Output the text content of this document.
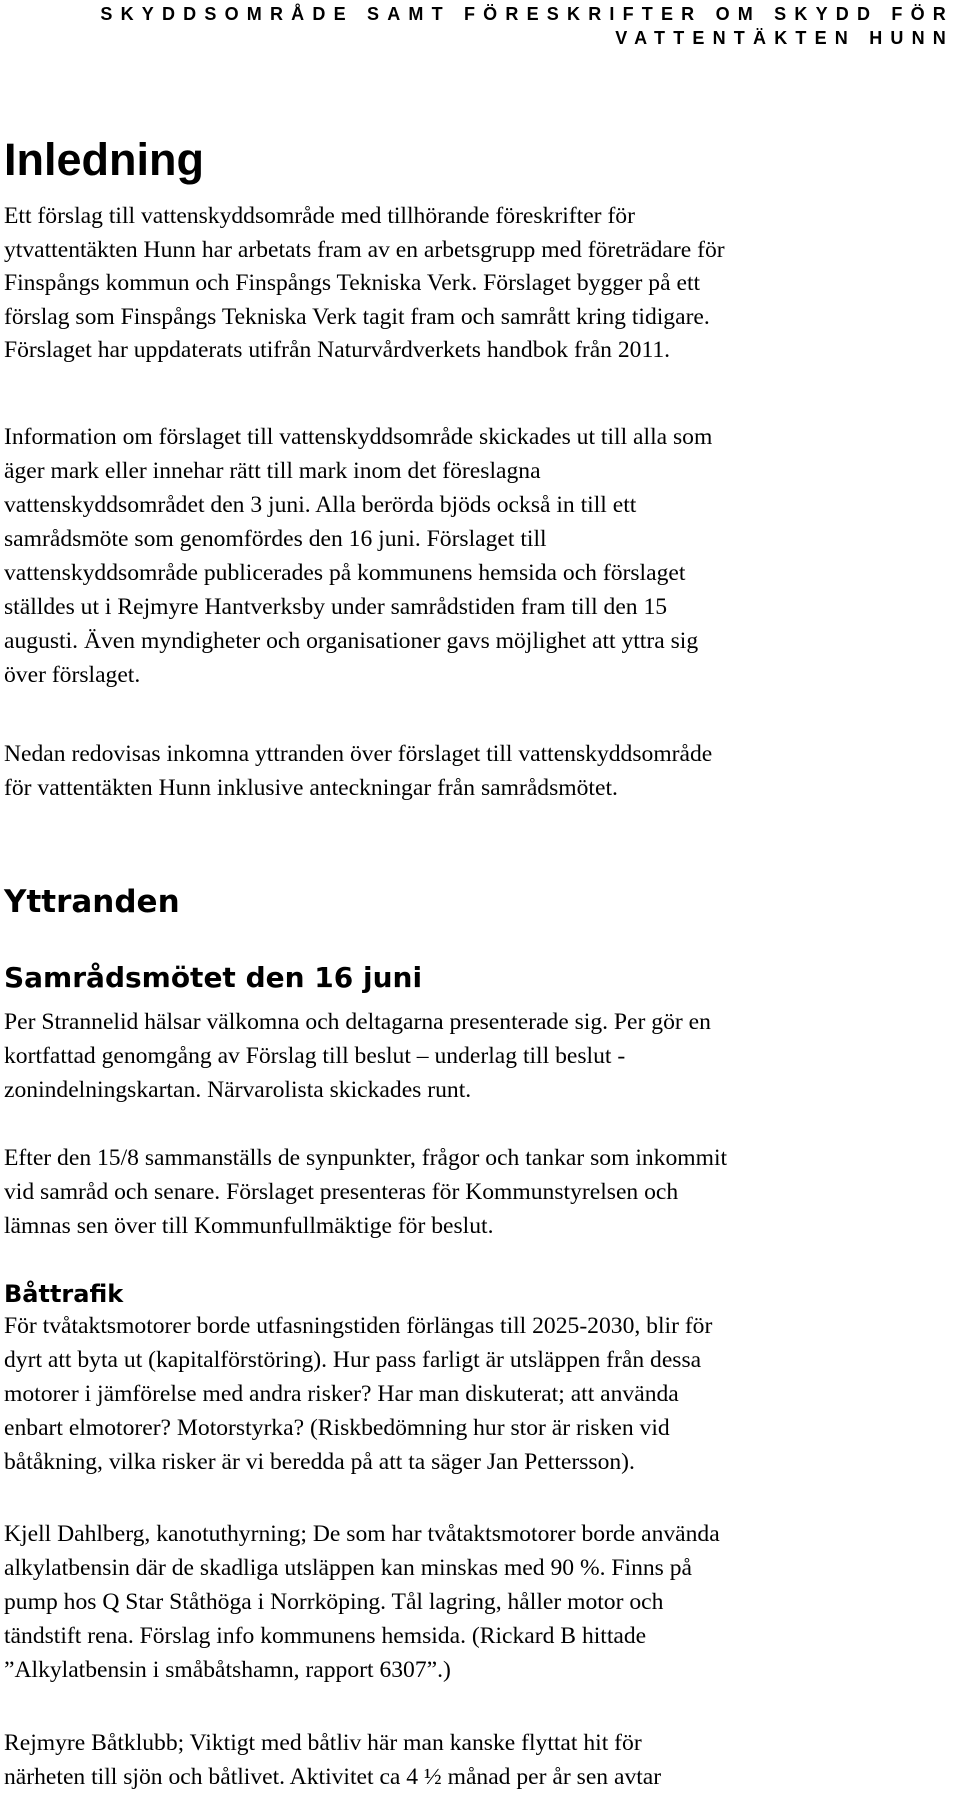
SKYDDSOMRÅDE SAMT FÖRESKRIFTER OM SKYDD FÖR
VATTENTÄKTEN HUNN
Inledning
Ett förslag till vattenskyddsområde med tillhörande föreskrifter för
ytvattentäkten Hunn har arbetats fram av en arbetsgrupp med företrädare för
Finspångs kommun och Finspångs Tekniska Verk. Förslaget bygger på ett
förslag som Finspångs Tekniska Verk tagit fram och samrått kring tidigare.
Förslaget har uppdaterats utifrån Naturvårdverkets handbok från 2011.
Information om förslaget till vattenskyddsområde skickades ut till alla som
äger mark eller innehar rätt till mark inom det föreslagna
vattenskyddsområdet den 3 juni. Alla berörda bjöds också in till ett
samrådsmöte som genomfördes den 16 juni. Förslaget till
vattenskyddsområde publicerades på kommunens hemsida och förslaget
ställdes ut i Rejmyre Hantverksby under samrådstiden fram till den 15
augusti. Även myndigheter och organisationer gavs möjlighet att yttra sig
över förslaget.
Nedan redovisas inkomna yttranden över förslaget till vattenskyddsområde
för vattentäkten Hunn inklusive anteckningar från samrådsmötet.
Yttranden
Samrådsmötet den 16 juni
Per Strannelid hälsar välkomna och deltagarna presenterade sig. Per gör en
kortfattad genomgång av Förslag till beslut – underlag till beslut -
zonindelningskartan. Närvarolista skickades runt.
Efter den 15/8 sammanställs de synpunkter, frågor och tankar som inkommit
vid samråd och senare. Förslaget presenteras för Kommunstyrelsen och
lämnas sen över till Kommunfullmäktige för beslut.
Båttrafik
För tvåtaktsmotorer borde utfasningstiden förlängas till 2025-2030, blir för
dyrt att byta ut (kapitalförstöring). Hur pass farligt är utsläppen från dessa
motorer i jämförelse med andra risker? Har man diskuterat; att använda
enbart elmotorer? Motorstyrka? (Riskbedömning hur stor är risken vid
båtåkning, vilka risker är vi beredda på att ta säger Jan Pettersson).
Kjell Dahlberg, kanotuthyrning; De som har tvåtaktsmotorer borde använda
alkylatbensin där de skadliga utsläppen kan minskas med 90 %. Finns på
pump hos Q Star Ståthöga i Norrköping. Tål lagring, håller motor och
tändstift rena. Förslag info kommunens hemsida. (Rickard B hittade
”Alkylatbensin i småbåtshamn, rapport 6307”.)
Rejmyre Båtklubb; Viktigt med båtliv här man kanske flyttat hit för
närheten till sjön och båtlivet. Aktivitet ca 4 ½ månad per år sen avtar
